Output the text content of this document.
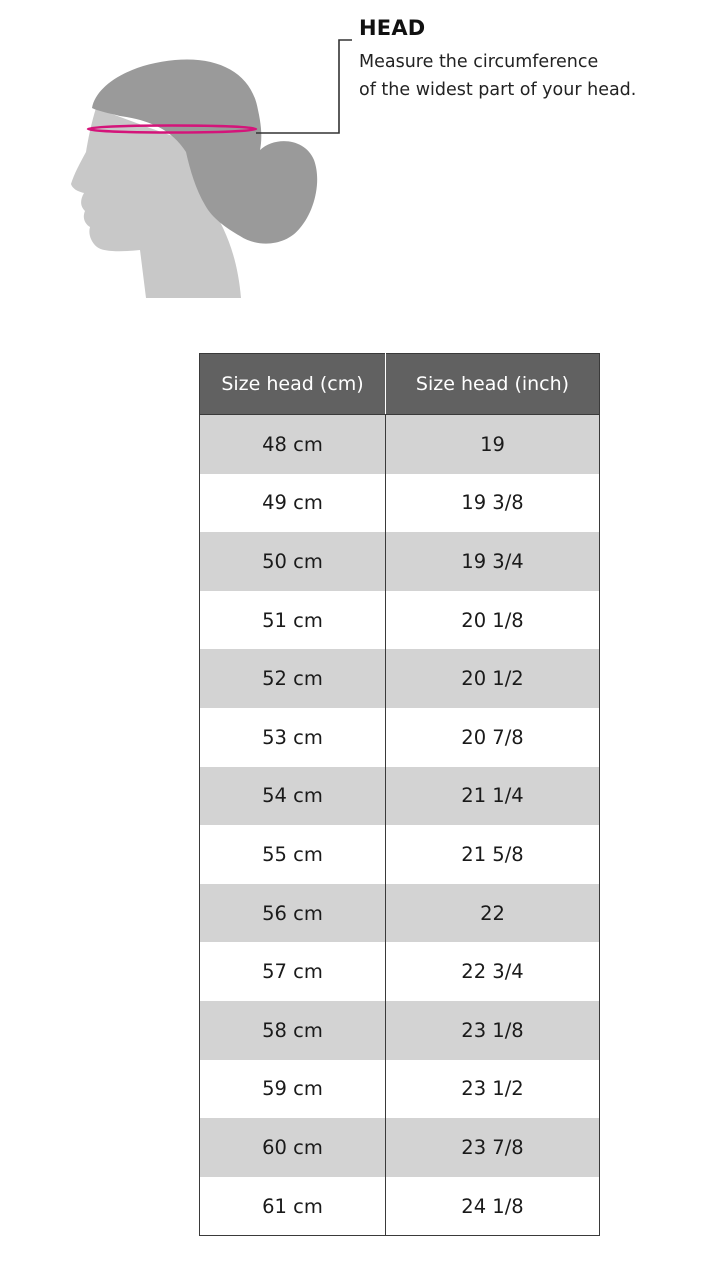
HEAD
Measure the circumference
of the widest part of your head.
Size head (cm)	Size head (inch)
48 cm	19
49 cm	19 3/8
50 cm	19 3/4
51 cm	20 1/8
52 cm	20 1/2
53 cm	20 7/8
54 cm	21 1/4
55 cm	21 5/8
56 cm	22
57 cm	22 3/4
58 cm	23 1/8
59 cm	23 1/2
60 cm	23 7/8
61 cm	24 1/8
